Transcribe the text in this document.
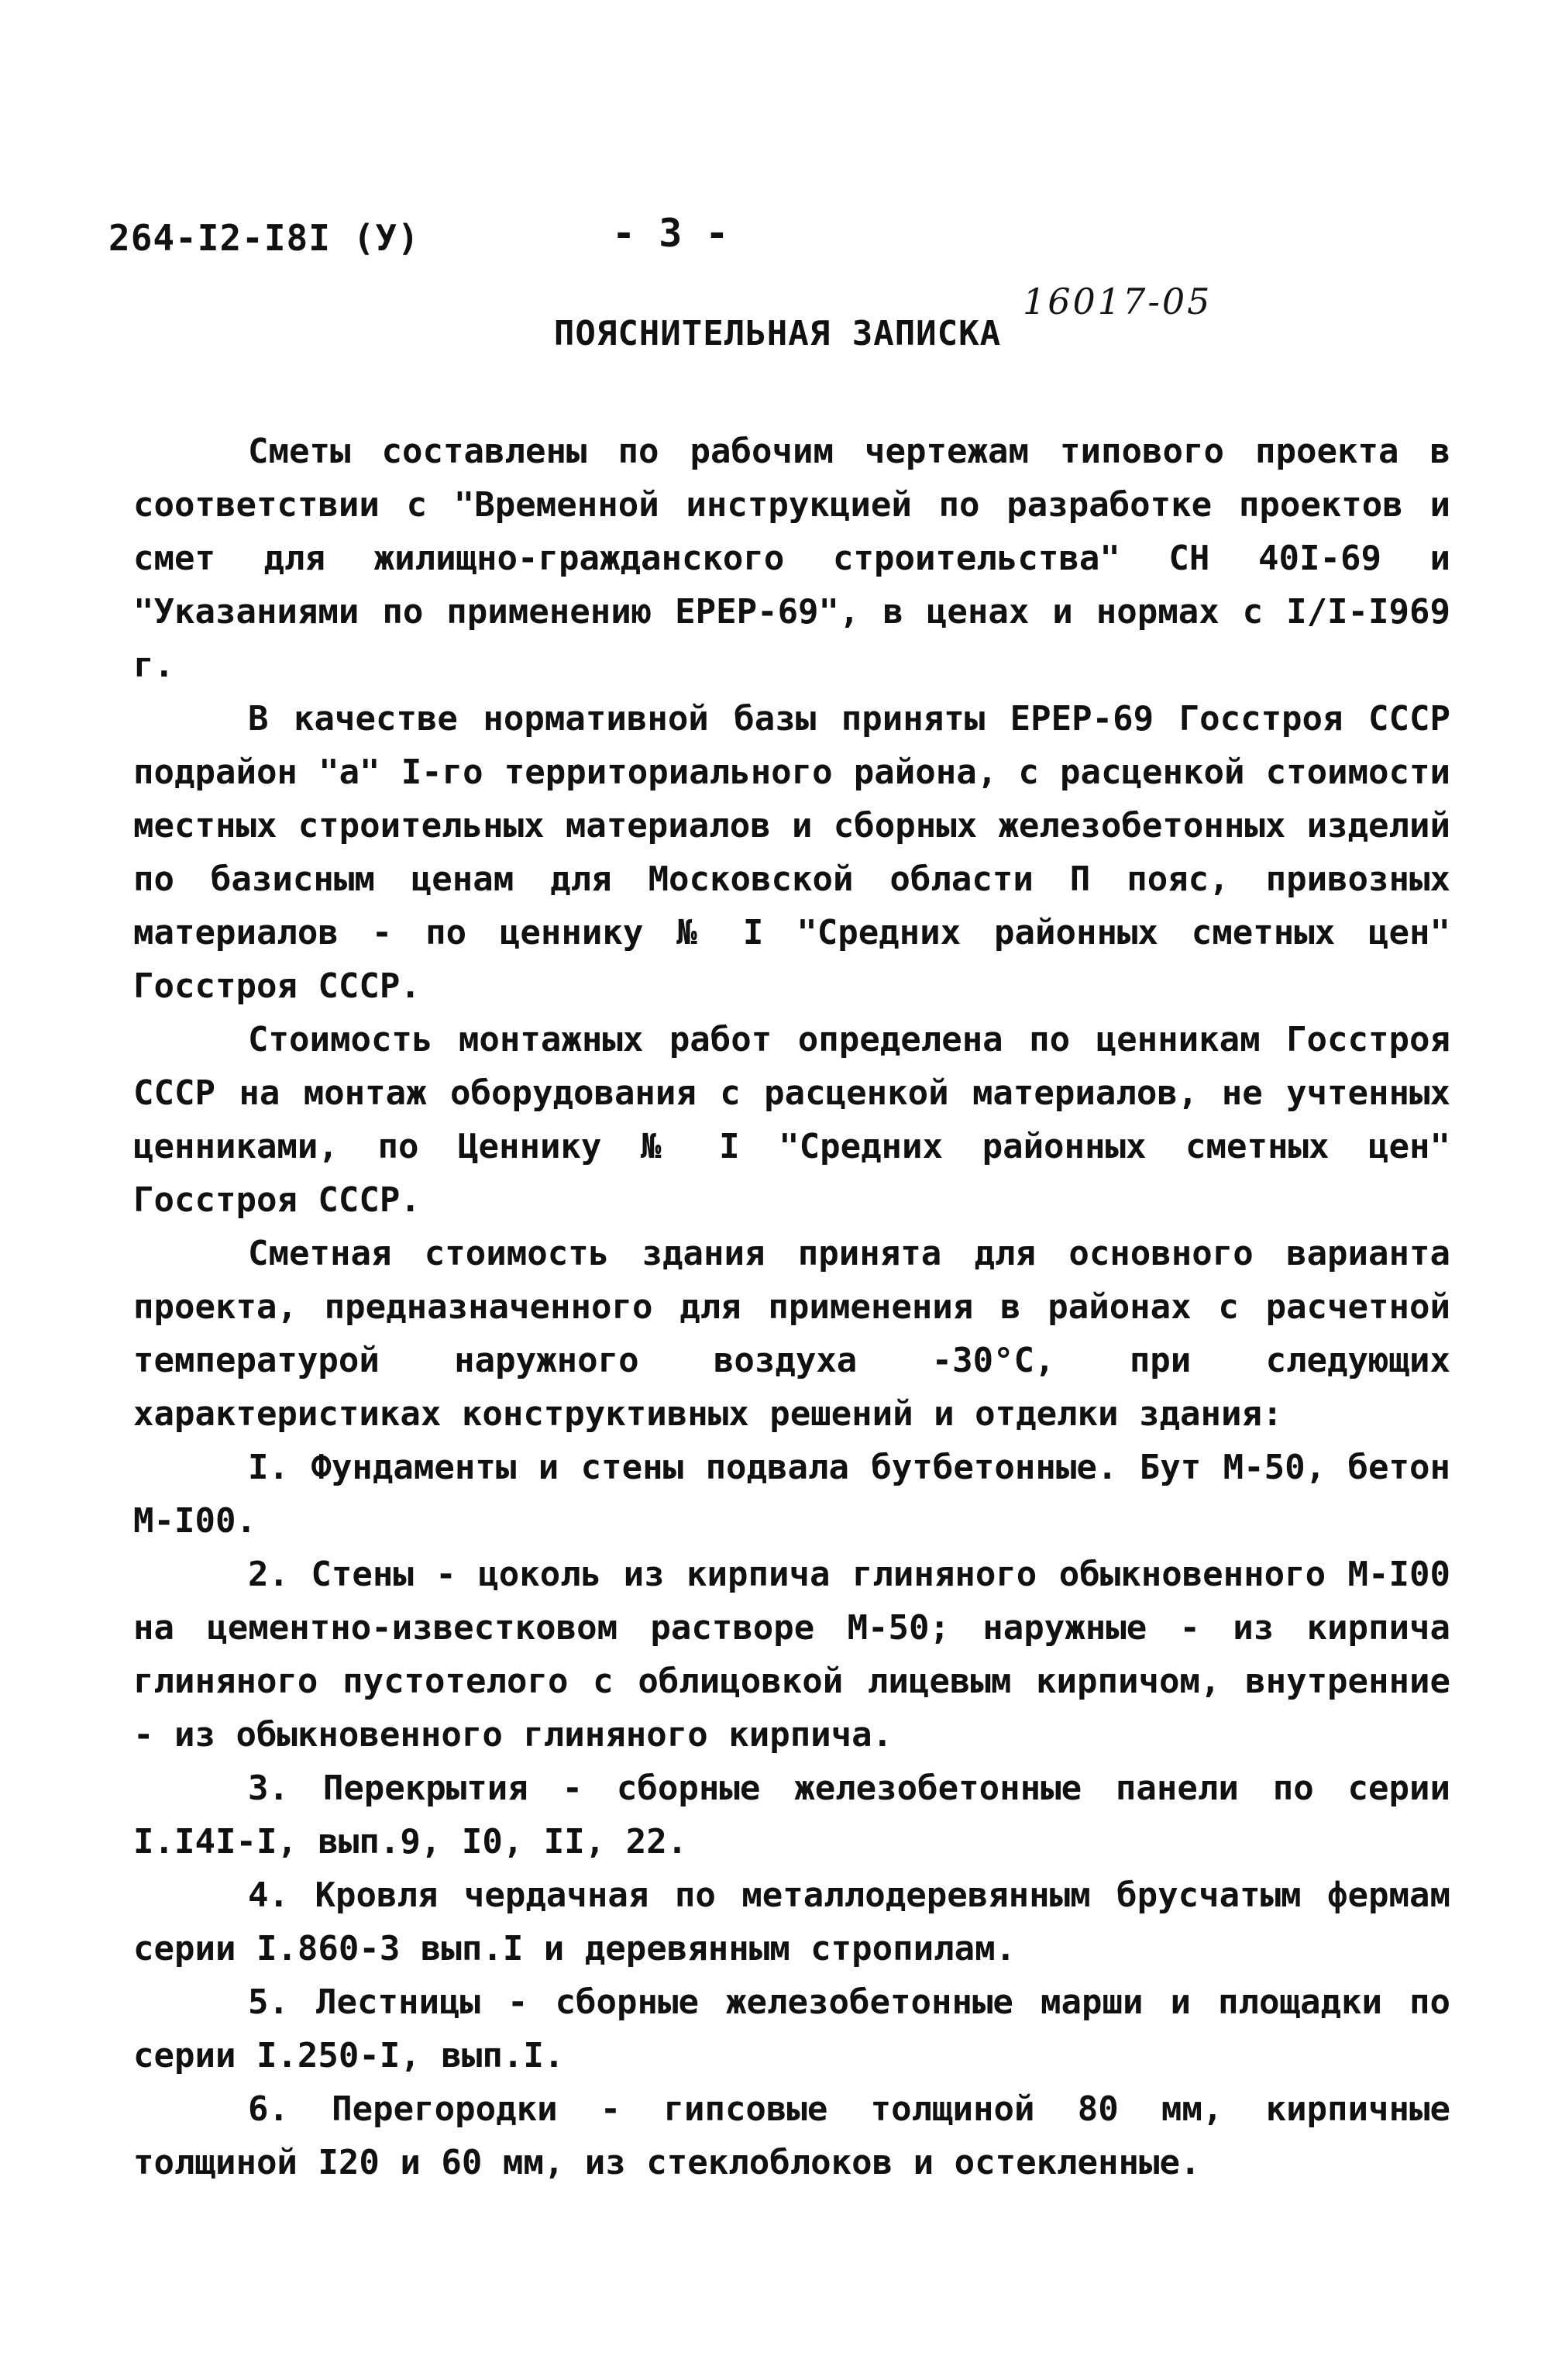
264-I2-I8I (У)	- 3 -
16017-05
ПОЯСНИТЕЛЬНАЯ ЗАПИСКА

Сметы составлены по рабочим чертежам типового проекта в соответствии с "Временной инструкцией по разработке проектов и смет для жилищно-гражданского строительства" СН 40I-69 и "Указаниями по применению ЕРЕР-69", в ценах и нормах с I/I-I969 г.

В качестве нормативной базы приняты ЕРЕР-69 Госстроя СССР подрайон "а" I-го территориального района, с расценкой стоимости местных строительных материалов и сборных железобетонных изделий по базисным ценам для Московской области П пояс, привозных материалов - по ценнику № I "Средних районных сметных цен" Госстроя СССР.

Стоимость монтажных работ определена по ценникам Госстроя СССР на монтаж оборудования с расценкой материалов, не учтенных ценниками, по Ценнику № I "Средних районных сметных цен" Госстроя СССР.

Сметная стоимость здания принята для основного варианта проекта, предназначенного для применения в районах с расчетной температурой наружного воздуха -30°С, при следующих характеристиках конструктивных решений и отделки здания:

I. Фундаменты и стены подвала бутбетонные. Бут М-50, бетон М-I00.

2. Стены - цоколь из кирпича глиняного обыкновенного М-I00 на цементно-известковом растворе М-50; наружные - из кирпича глиняного пустотелого с облицовкой лицевым кирпичом, внутренние - из обыкновенного глиняного кирпича.

3. Перекрытия - сборные железобетонные панели по серии I.I4I-I, вып.9, I0, II, 22.

4. Кровля чердачная по металлодеревянным брусчатым фермам серии I.860-3 вып.I и деревянным стропилам.

5. Лестницы - сборные железобетонные марши и площадки по серии I.250-I, вып.I.

6. Перегородки - гипсовые толщиной 80 мм, кирпичные толщиной I20 и 60 мм, из стеклоблоков и остекленные.
